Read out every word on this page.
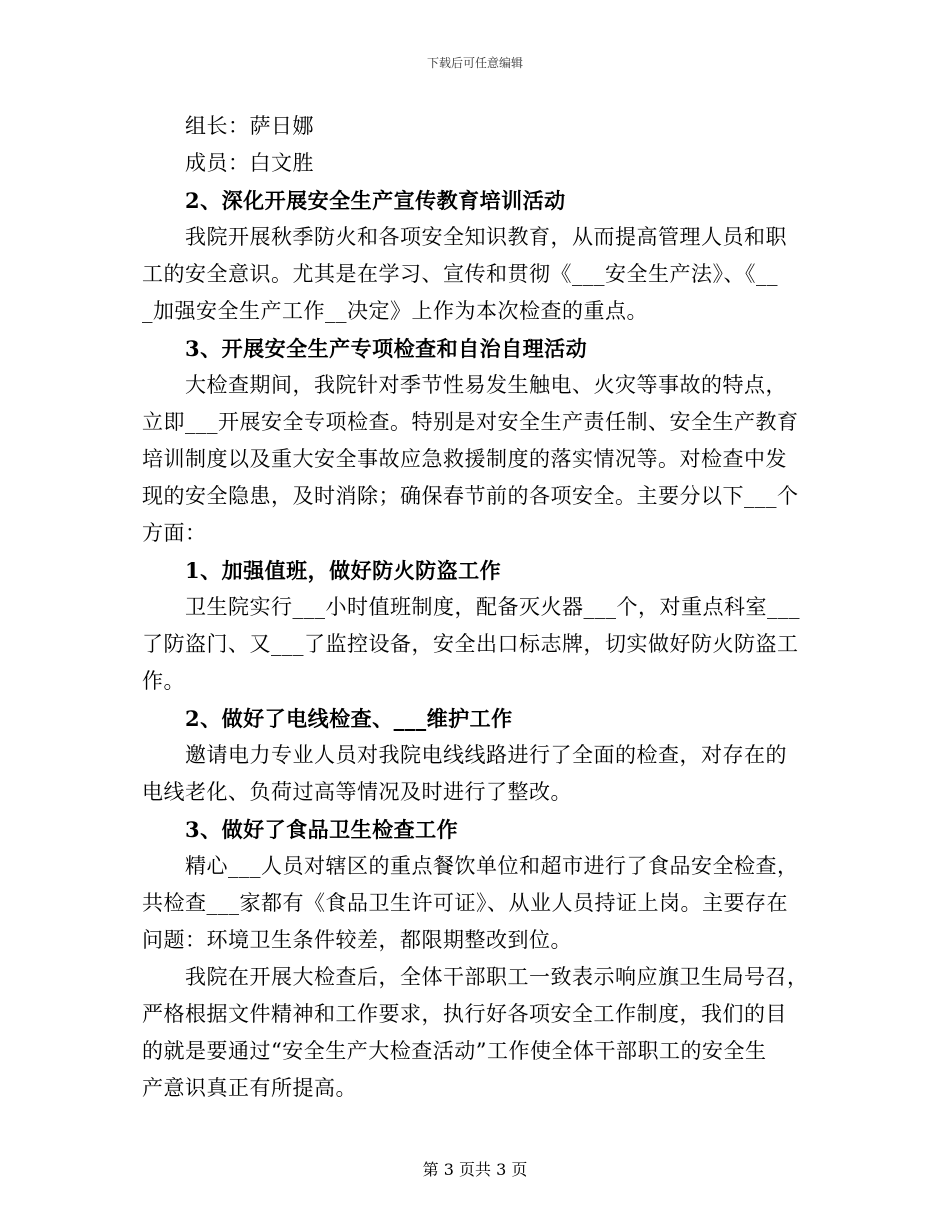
下载后可任意编辑
组长：萨日娜
成员：白文胜
2、深化开展安全生产宣传教育培训活动
我院开展秋季防火和各项安全知识教育，从而提高管理人员和职
工的安全意识。尤其是在学习、宣传和贯彻《___安全生产法》、《__
_加强安全生产工作__决定》上作为本次检查的重点。
3、开展安全生产专项检查和自治自理活动
大检查期间，我院针对季节性易发生触电、火灾等事故的特点，
立即___开展安全专项检查。特别是对安全生产责任制、安全生产教育
培训制度以及重大安全事故应急救援制度的落实情况等。对检查中发
现的安全隐患，及时消除；确保春节前的各项安全。主要分以下___个
方面：
1、加强值班，做好防火防盗工作
卫生院实行___小时值班制度，配备灭火器___个，对重点科室___
了防盗门、又___了监控设备，安全出口标志牌，切实做好防火防盗工
作。
2、做好了电线检查、___维护工作
邀请电力专业人员对我院电线线路进行了全面的检查，对存在的
电线老化、负荷过高等情况及时进行了整改。
3、做好了食品卫生检查工作
精心___人员对辖区的重点餐饮单位和超市进行了食品安全检查，
共检查___家都有《食品卫生许可证》、从业人员持证上岗。主要存在
问题：环境卫生条件较差，都限期整改到位。
我院在开展大检查后，全体干部职工一致表示响应旗卫生局号召，
严格根据文件精神和工作要求，执行好各项安全工作制度，我们的目
的就是要通过“安全生产大检查活动”工作使全体干部职工的安全生
产意识真正有所提高。
第 3 页共 3 页
